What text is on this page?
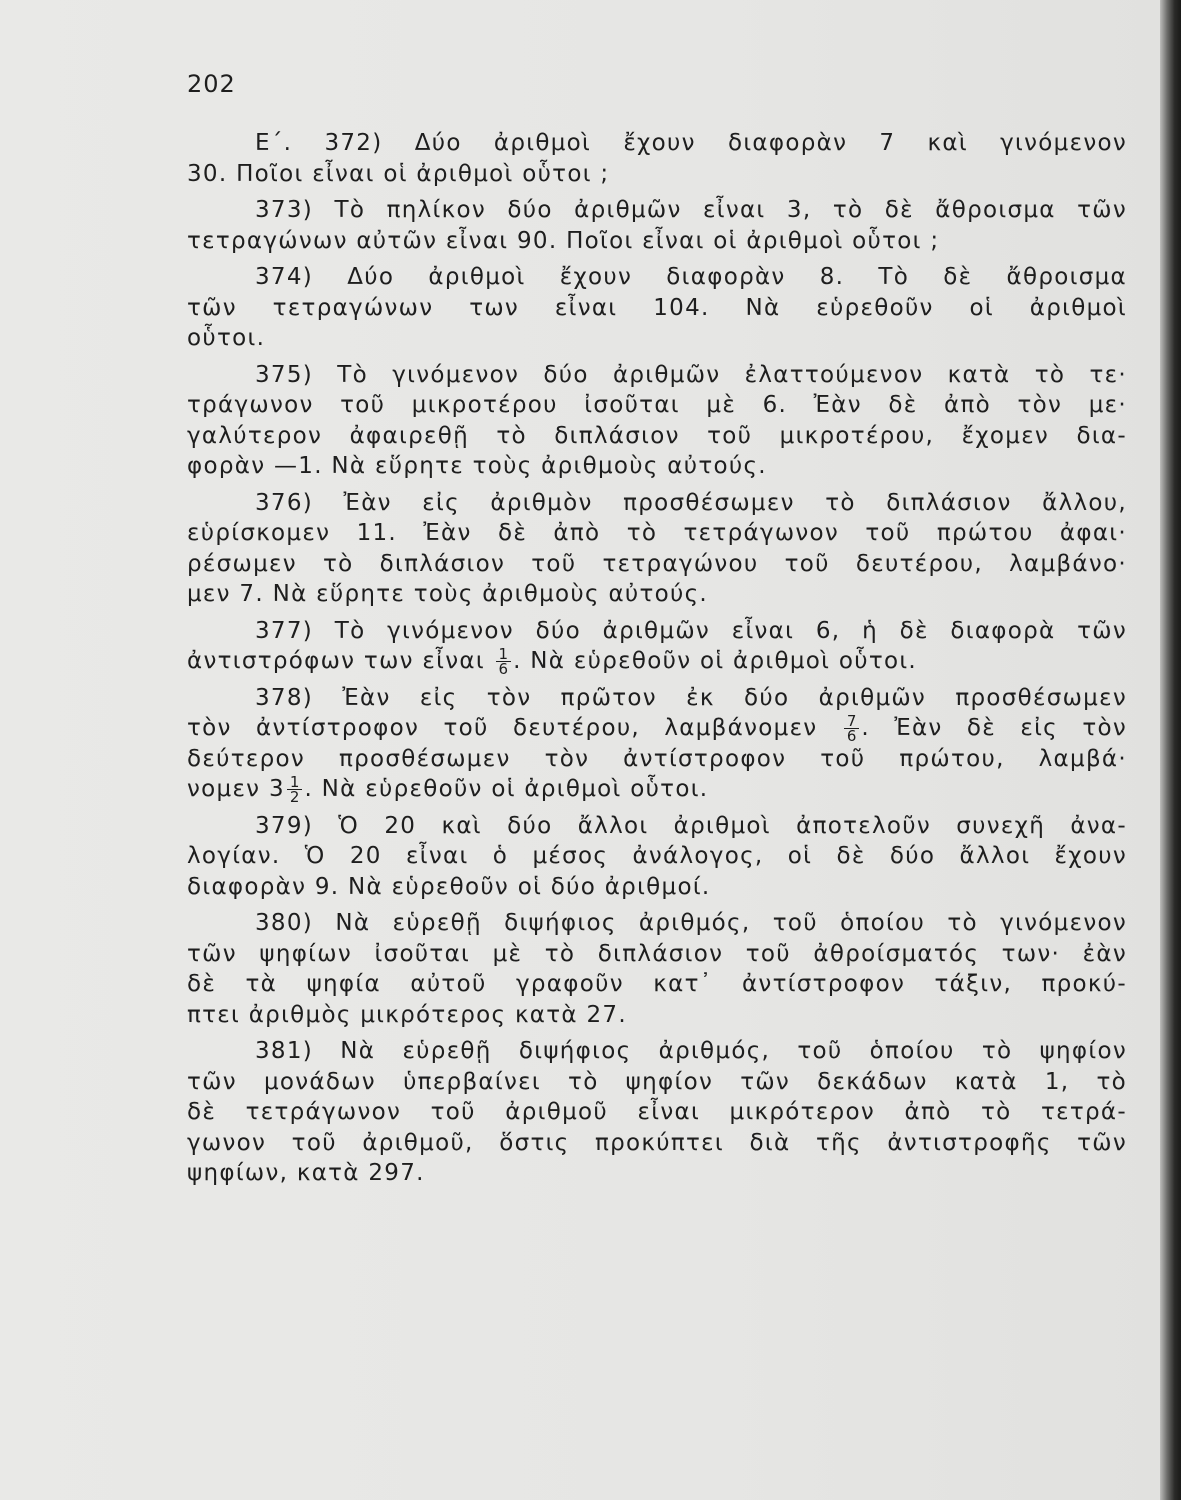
202
Ε΄. 372) Δύο ἀριθμοὶ ἔχουν διαφορὰν 7 καὶ γινόμενον
30. Ποῖοι εἶναι οἱ ἀριθμοὶ οὗτοι ;
373) Τὸ πηλίκον δύο ἀριθμῶν εἶναι 3, τὸ δὲ ἄθροισμα τῶν
τετραγώνων αὐτῶν εἶναι 90. Ποῖοι εἶναι οἱ ἀριθμοὶ οὗτοι ;
374) Δύο ἀριθμοὶ ἔχουν διαφορὰν 8. Τὸ δὲ ἄθροισμα
τῶν τετραγώνων των εἶναι 104. Νὰ εὑρεθοῦν οἱ ἀριθμοὶ
οὗτοι.
375) Τὸ γινόμενον δύο ἀριθμῶν ἐλαττούμενον κατὰ τὸ τε·
τράγωνον τοῦ μικροτέρου ἰσοῦται μὲ 6. Ἐὰν δὲ ἀπὸ τὸν με·
γαλύτερον ἀφαιρεθῇ τὸ διπλάσιον τοῦ μικροτέρου, ἔχομεν δια-
φορὰν —1. Νὰ εὕρητε τοὺς ἀριθμοὺς αὐτούς.
376) Ἐὰν εἰς ἀριθμὸν προσθέσωμεν τὸ διπλάσιον ἄλλου,
εὑρίσκομεν 11. Ἐὰν δὲ ἀπὸ τὸ τετράγωνον τοῦ πρώτου ἀφαι·
ρέσωμεν τὸ διπλάσιον τοῦ τετραγώνου τοῦ δευτέρου, λαμβάνο·
μεν 7. Νὰ εὕρητε τοὺς ἀριθμοὺς αὐτούς.
377) Τὸ γινόμενον δύο ἀριθμῶν εἶναι 6, ἡ δὲ διαφορὰ τῶν
ἀντιστρόφων των εἶναι $\frac{1}{6}$ . Νὰ εὑρεθοῦν οἱ ἀριθμοὶ οὗτοι.
378) Ἐὰν εἰς τὸν πρῶτον ἐκ δύο ἀριθμῶν προσθέσωμεν
τὸν ἀντίστροφον τοῦ δευτέρου, λαμβάνομεν $\frac{7}{6}$ . Ἐὰν δὲ εἰς τὸν
δεύτερον προσθέσωμεν τὸν ἀντίστροφον τοῦ πρώτου, λαμβά·
νομεν $3 \frac{1}{2}$ . Νὰ εὑρεθοῦν οἱ ἀριθμοὶ οὗτοι.
379) Ὁ 20 καὶ δύο ἄλλοι ἀριθμοὶ ἀποτελοῦν συνεχῆ ἀνα-
λογίαν. Ὁ 20 εἶναι ὁ μέσος ἀνάλογος, οἱ δὲ δύο ἄλλοι ἔχουν
διαφορὰν 9. Νὰ εὑρεθοῦν οἱ δύο ἀριθμοί.
380) Νὰ εὑρεθῇ διψήφιος ἀριθμός, τοῦ ὁποίου τὸ γινόμενον
τῶν ψηφίων ἰσοῦται μὲ τὸ διπλάσιον τοῦ ἀθροίσματός των· ἐὰν
δὲ τὰ ψηφία αὐτοῦ γραφοῦν κατ᾽ ἀντίστροφον τάξιν, προκύ-
πτει ἀριθμὸς μικρότερος κατὰ 27.
381) Νὰ εὑρεθῇ διψήφιος ἀριθμός, τοῦ ὁποίου τὸ ψηφίον
τῶν μονάδων ὑπερβαίνει τὸ ψηφίον τῶν δεκάδων κατὰ 1, τὸ
δὲ τετράγωνον τοῦ ἀριθμοῦ εἶναι μικρότερον ἀπὸ τὸ τετρά-
γωνον τοῦ ἀριθμοῦ, ὅστις προκύπτει διὰ τῆς ἀντιστροφῆς τῶν
ψηφίων, κατὰ 297.
